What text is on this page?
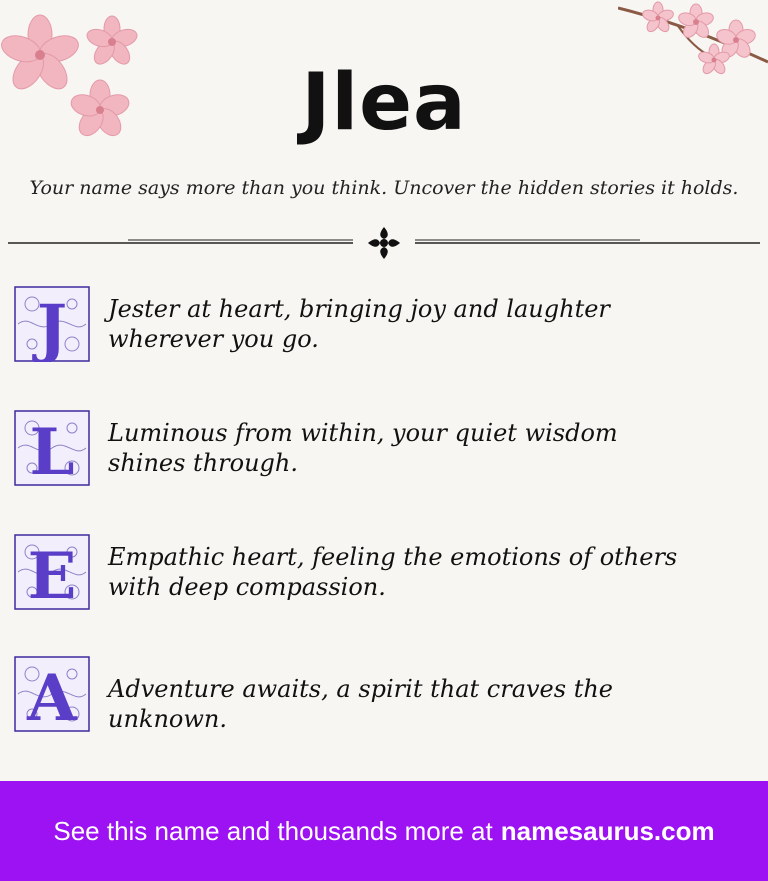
Jlea

Your name says more than you think. Uncover the hidden stories it holds.

J Jester at heart, bringing joy and laughter wherever you go.

L Luminous from within, your quiet wisdom shines through.

E Empathic heart, feeling the emotions of others with deep compassion.

A Adventure awaits, a spirit that craves the unknown.

See this name and thousands more at namesaurus.com
